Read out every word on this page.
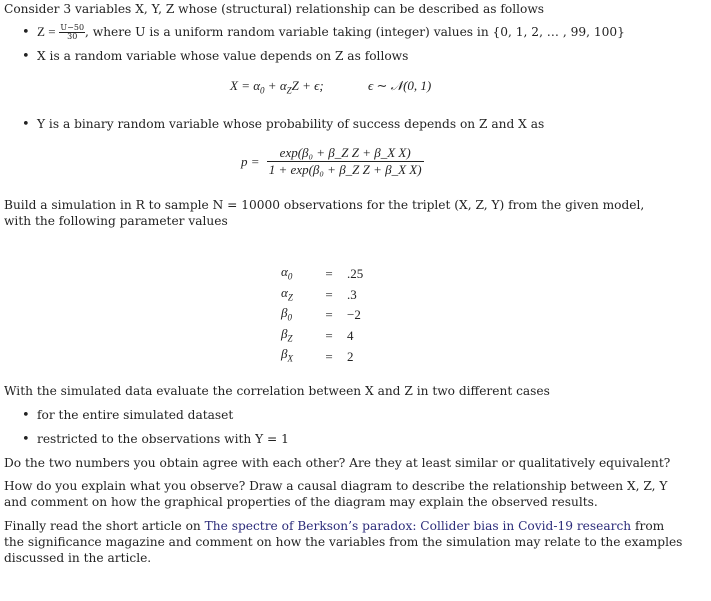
Consider 3 variables X, Y, Z whose (structural) relationship can be described as follows
• $Z = \frac{U-50}{30}$ , where U is a uniform random variable taking (integer) values in {0, 1, 2, … , 99, 100}
• X is a random variable whose value depends on Z as follows
$X = \alpha_0 + \alpha_ZZ + \epsilon$;	ϵ ∼ 𝒩(0, 1)
• Y is a binary random variable whose probability of success depends on Z and X as
$p = \frac{\text{exp(β₀ + β\_Z Z + β\_X X)}}{\text{1 + exp(β₀ + β\_Z Z + β\_X X)}}$
Build a simulation in R to sample N = 10000 observations for the triplet (X, Z, Y) from the given model,
with the following parameter values
$\alpha_0$	=	.25
$\alpha_Z$	=	.3
$\beta_0$	=	−2
$\beta_Z$	=	4
$\beta_X$	=	2
With the simulated data evaluate the correlation between X and Z in two different cases
• for the entire simulated dataset
• restricted to the observations with Y = 1
Do the two numbers you obtain agree with each other? Are they at least similar or qualitatively equivalent?
How do you explain what you observe? Draw a causal diagram to describe the relationship between X, Z, Y
and comment on how the graphical properties of the diagram may explain the observed results.
Finally read the short article on The spectre of Berkson’s paradox: Collider bias in Covid-19 research from
the significance magazine and comment on how the variables from the simulation may relate to the examples
discussed in the article.
